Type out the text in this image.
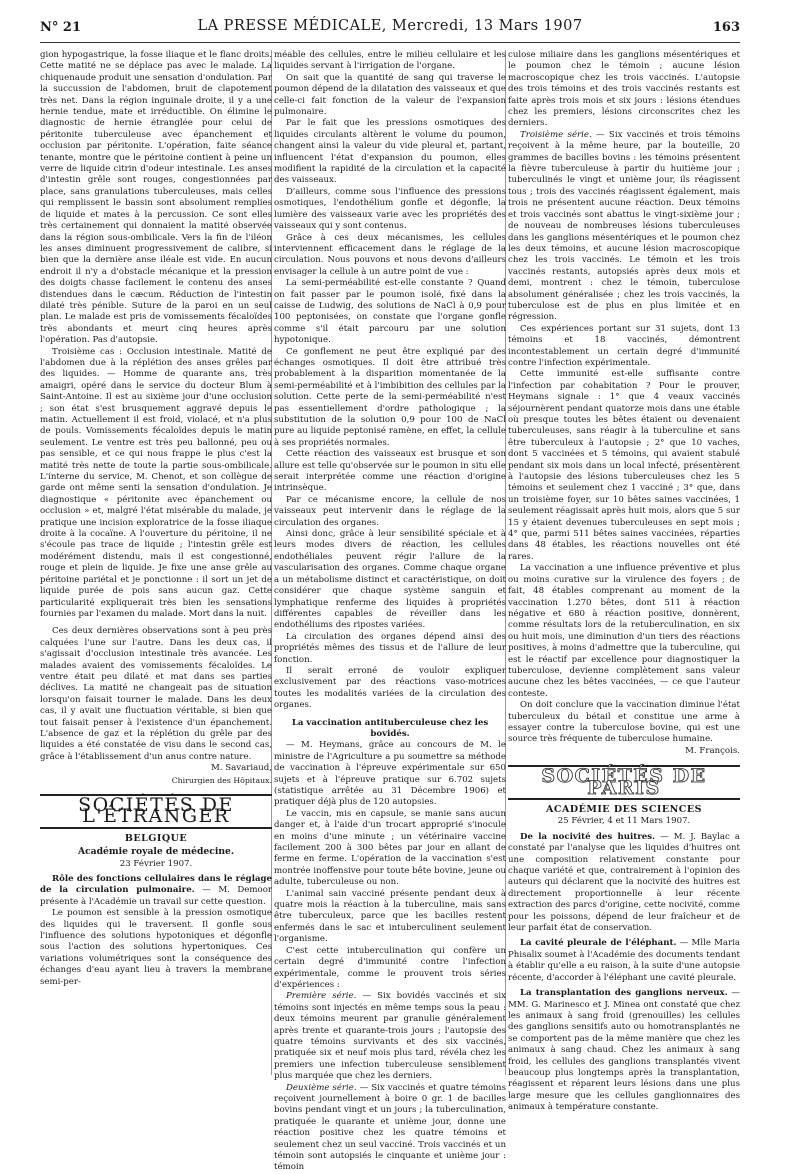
N° 21	LA PRESSE MÉDICALE, Mercredi, 13 Mars 1907	163

gion hypogastrique, la fosse iliaque et le flanc droits. Cette matité ne se déplace pas avec le malade. La chiquenaude produit une sensation d'ondulation. Par la succussion de l'abdomen, bruit de clapotement très net. Dans la région inguinale droite, il y a une hernie tendue, mate et irréductible. On élimine le diagnostic de hernie étranglée pour celui de péritonite tuberculeuse avec épanchement et occlusion par péritonite. L'opération, faite séance tenante, montre que le péritoine contient à peine un verre de liquide citrin d'odeur intestinale. Les anses d'intestin grêle sont rouges, congestionnées par place, sans granulations tuberculeuses, mais celles qui remplissent le bassin sont absolument remplies de liquide et mates à la percussion. Ce sont elles très certainement qui donnaient la matité observée dans la région sous-ombilicale. Vers la fin de l'iléon les anses diminuent progressivement de calibre, si bien que la dernière anse iléale est vide. En aucun endroit il n'y a d'obstacle mécanique et la pression des doigts chasse facilement le contenu des anses distendues dans le cæcum. Réduction de l'intestin dilaté très pénible. Suture de la paroi en un seul plan. Le malade est pris de vomissements fécaloïdes très abondants et meurt cinq heures après l'opération. Pas d'autopsie.

Troisième cas : Occlusion intestinale. Matité de l'abdomen due à la réplétion des anses grêles par des liquides. — Homme de quarante ans, très amaigri, opéré dans le service du docteur Blum à Saint-Antoine. Il est au sixième jour d'une occlusion ; son état s'est brusquement aggravé depuis le matin. Actuellement il est froid, violacé, et n'a plus de pouls. Vomissements fécaloïdes depuis le matin seulement. Le ventre est très peu ballonné, peu ou pas sensible, et ce qui nous frappe le plus c'est la matité très nette de toute la partie sous-ombilicale. L'interne du service, M. Chenot, et son collègue de garde ont même senti la sensation d'ondulation. Je diagnostique « péritonite avec épanchement ou occlusion » et, malgré l'état misérable du malade, je pratique une incision exploratrice de la fosse iliaque droite à la cocaïne. A l'ouverture du péritoine, il ne s'écoule pas trace de liquide ; l'intestin grêle est modérément distendu, mais il est congestionné, rouge et plein de liquide. Je fixe une anse grêle au péritoine pariétal et je ponctionne : il sort un jet de liquide purée de pois sans aucun gaz. Cette particularité expliquerait très bien les sensations fournies par l'examen du malade. Mort dans la nuit.

Ces deux dernières observations sont à peu près calquées l'une sur l'autre. Dans les deux cas, il s'agissait d'occlusion intestinale très avancée. Les malades avaient des vomissements fécaloïdes. Le ventre était peu dilaté et mat dans ses parties déclives. La matité ne changeait pas de situation lorsqu'on faisait tourner le malade. Dans les deux cas, il y avait une fluctuation véritable, si bien que tout faisait penser à l'existence d'un épanchement. L'absence de gaz et la réplétion du grêle par des liquides a été constatée de visu dans le second cas, grâce à l'établissement d'un anus contre nature.

M. Savariaud,

Chirurgien des Hôpitaux.

SOCIÉTÉS DE L'ÉTRANGER
BELGIQUE
Académie royale de médecine.
23 Février 1907.

Rôle des fonctions cellulaires dans le réglage de la circulation pulmonaire. — M. Demoor présente à l'Académie un travail sur cette question.

Le poumon est sensible à la pression osmotique des liquides qui le traversent. Il gonfle sous l'influence des solutions hypotoniques et dégonfle sous l'action des solutions hypertoniques. Ces variations volumétriques sont la conséquence des échanges d'eau ayant lieu à travers la membrane semi-per-

méable des cellules, entre le milieu cellulaire et les liquides servant à l'irrigation de l'organe.

On sait que la quantité de sang qui traverse le poumon dépend de la dilatation des vaisseaux et que celle-ci fait fonction de la valeur de l'expansion pulmonaire.

Par le fait que les pressions osmotiques des liquides circulants altèrent le volume du poumon, changent ainsi la valeur du vide pleural et, partant, influencent l'état d'expansion du poumon, elles modifient la rapidité de la circulation et la capacité des vaisseaux.

D'ailleurs, comme sous l'influence des pressions osmotiques, l'endothélium gonfle et dégonfle, la lumière des vaisseaux varie avec les propriétés des vaisseaux qui y sont contenus.

Grâce à ces deux mécanismes, les cellules interviennent efficacement dans le réglage de la circulation. Nous pouvons et nous devons d'ailleurs envisager la cellule à un autre point de vue :

La semi-perméabilité est-elle constante ? Quand on fait passer par le poumon isolé, fixé dans la caisse de Ludwig, des solutions de NaCl à 0,9 pour 100 peptonisées, on constate que l'organe gonfle comme s'il était parcouru par une solution hypotonique.

Ce gonflement ne peut être expliqué par des échanges osmotiques. Il doit être attribué très probablement à la disparition momentanée de la semi-perméabilité et à l'imbibition des cellules par la solution. Cette perte de la semi-perméabilité n'est pas essentiellement d'ordre pathologique ; la substitution de la solution 0,9 pour 100 de NaCl pure au liquide peptonisé ramène, en effet, la cellule à ses propriétés normales.

Cette réaction des vaisseaux est brusque et son allure est telle qu'observée sur le poumon in situ elle serait interprétée comme une réaction d'origine intrinsèque.

Par ce mécanisme encore, la cellule de nos vaisseaux peut intervenir dans le réglage de la circulation des organes.

Ainsi donc, grâce à leur sensibilité spéciale et à leurs modes divers de réaction, les cellules endothéliales peuvent régir l'allure de la vascularisation des organes. Comme chaque organe a un métabolisme distinct et caractéristique, on doit considérer que chaque système sanguin et lymphatique renferme des liquides à propriétés différentes capables de réveiller dans les endothéliums des ripostes variées.

La circulation des organes dépend ainsi des propriétés mêmes des tissus et de l'allure de leur fonction.

Il serait erroné de vouloir expliquer exclusivement par des réactions vaso-motrices toutes les modalités variées de la circulation des organes.

La vaccination antituberculeuse chez les bovidés.

— M. Heymans, grâce au concours de M. le ministre de l'Agriculture a pu soumettre sa méthode de vaccination à l'épreuve expérimentale sur 650 sujets et à l'épreuve pratique sur 6.702 sujets (statistique arrêtée au 31 Décembre 1906) et pratiquer déjà plus de 120 autopsies.

Le vaccin, mis en capsule, se manie sans aucun danger et, à l'aide d'un trocart approprié s'inocule en moins d'une minute ; un vétérinaire vaccine facilement 200 à 300 bêtes par jour en allant de ferme en ferme. L'opération de la vaccination s'est montrée inoffensive pour toute bête bovine, jeune ou adulte, tuberculeuse ou non.

L'animal sain vacciné présente pendant deux à quatre mois la réaction à la tuberculine, mais sans être tuberculeux, parce que les bacilles restent enfermés dans le sac et intuberculinent seulement l'organisme.

C'est cette intuberculination qui confère un certain degré d'immunité contre l'infection expérimentale, comme le prouvent trois séries d'expériences :

Première série. — Six bovidés vaccinés et six témoins sont injectés en même temps sous la peau : deux témoins meurent par granulie généralement après trente et quarante-trois jours ; l'autopsie des quatre témoins survivants et des six vaccinés, pratiquée six et neuf mois plus tard, révéla chez les premiers une infection tuberculeuse sensiblement plus marquée que chez les derniers.

Deuxième série. — Six vaccinés et quatre témoins reçoivent journellement à boire 0 gr. 1 de bacilles bovins pendant vingt et un jours ; la tuberculination, pratiquée le quarante et unième jour, donne une réaction positive chez les quatre témoins et seulement chez un seul vacciné. Trois vaccinés et un témoin sont autopsiés le cinquante et unième jour : témoin

culose miliaire dans les ganglions mésentériques et le poumon chez le témoin ; aucune lésion macroscopique chez les trois vaccinés. L'autopsie des trois témoins et des trois vaccinés restants est faite après trois mois et six jours : lésions étendues chez les premiers, lésions circonscrites chez les derniers.

Troisième série. — Six vaccinés et trois témoins reçoivent à la même heure, par la bouteille, 20 grammes de bacilles bovins : les témoins présentent la fièvre tuberculeuse à partir du huitième jour ; tuberculinés le vingt et unième jour, ils réagissent tous ; trois des vaccinés réagissent également, mais trois ne présentent aucune réaction. Deux témoins et trois vaccinés sont abattus le vingt-sixième jour ; de nouveau de nombreuses lésions tuberculeuses dans les ganglions mésentériques et le poumon chez les deux témoins, et aucune lésion macroscopique chez les trois vaccinés. Le témoin et les trois vaccinés restants, autopsiés après deux mois et demi, montrent : chez le témoin, tuberculose absolument généralisée ; chez les trois vaccinés, la tuberculose est de plus en plus limitée et en régression.

Ces expériences portant sur 31 sujets, dont 13 témoins et 18 vaccinés, démontrent incontestablement un certain degré d'immunité contre l'infection expérimentale.

Cette immunité est-elle suffisante contre l'infection par cohabitation ? Pour le prouver, Heymans signale : 1° que 4 veaux vaccinés séjournèrent pendant quatorze mois dans une étable où presque toutes les bêtes étaient ou devenaient tuberculeuses, sans réagir à la tuberculine et sans être tuberculeux à l'autopsie ; 2° que 10 vaches, dont 5 vaccinées et 5 témoins, qui avaient stabulé pendant six mois dans un local infecté, présentèrent à l'autopsie des lésions tuberculeuses chez les 5 témoins et seulement chez 1 vacciné ; 3° que, dans un troisième foyer, sur 10 bêtes saines vaccinées, 1 seulement réagissait après huit mois, alors que 5 sur 15 y étaient devenues tuberculeuses en sept mois ; 4° que, parmi 511 bêtes saines vaccinées, réparties dans 48 étables, les réactions nouvelles ont été rares.

La vaccination a une influence préventive et plus ou moins curative sur la virulence des foyers ; de fait, 48 étables comprenant au moment de la vaccination 1.270 bêtes, dont 511 à réaction négative et 680 à réaction positive, donnèrent, comme résultats lors de la retuberculination, en six ou huit mois, une diminution d'un tiers des réactions positives, à moins d'admettre que la tuberculine, qui est le réactif par excellence pour diagnostiquer la tuberculose, devienne complètement sans valeur aucune chez les bêtes vaccinées, — ce que l'auteur conteste.

On doit conclure que la vaccination diminue l'état tuberculeux du bétail et constitue une arme à essayer contre la tuberculose bovine, qui est une source très fréquente de tuberculose humaine.

M. François.

SOCIÉTÉS DE PARIS
ACADÉMIE DES SCIENCES
25 Février, 4 et 11 Mars 1907.

De la nocivité des huitres. — M. J. Baylac a constaté par l'analyse que les liquides d'huitres ont une composition relativement constante pour chaque variété et que, contrairement à l'opinion des auteurs qui déclarent que la nocivité des huitres est directement proportionnelle à leur récente extraction des parcs d'origine, cette nocivité, comme pour les poissons, dépend de leur fraîcheur et de leur parfait état de conservation.

La cavité pleurale de l'éléphant. — Mlle Maria Phisalix soumet à l'Académie des documents tendant à établir qu'elle a eu raison, à la suite d'une autopsie récente, d'accorder à l'éléphant une cavité pleurale.

La transplantation des ganglions nerveux. — MM. G. Marinesco et J. Minea ont constaté que chez les animaux à sang froid (grenouilles) les cellules des ganglions sensitifs auto ou homotransplantés ne se comportent pas de la même manière que chez les animaux à sang chaud. Chez les animaux à sang froid, les cellules des ganglions transplantés vivent beaucoup plus longtemps après la transplantation, réagissent et réparent leurs lésions dans une plus large mesure que les cellules ganglionnaires des animaux à température constante.
